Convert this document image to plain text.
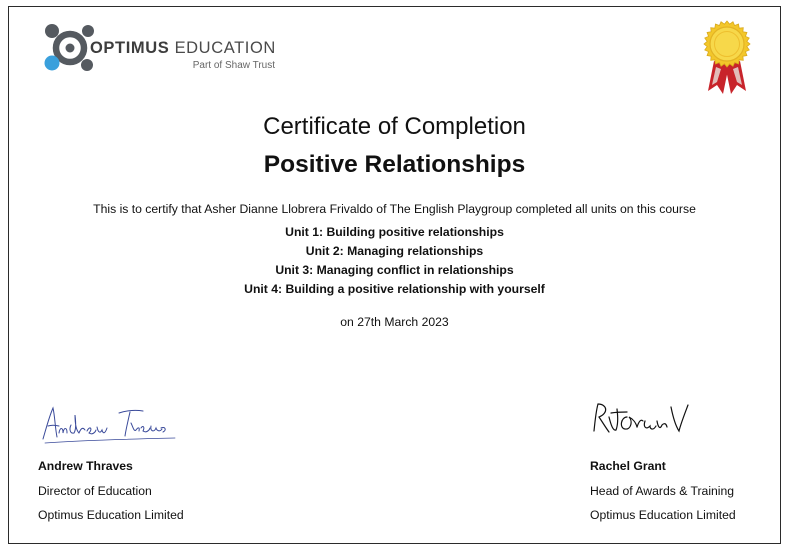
OPTIMUS EDUCATION
Part of Shaw Trust
Certificate of Completion
Positive Relationships
This is to certify that Asher Dianne Llobrera Frivaldo of The English Playgroup completed all units on this course
Unit 1: Building positive relationships
Unit 2: Managing relationships
Unit 3: Managing conflict in relationships
Unit 4: Building a positive relationship with yourself
on 27th March 2023
Andrew Thraves
Director of Education
Optimus Education Limited
Rachel Grant
Head of Awards & Training
Optimus Education Limited
